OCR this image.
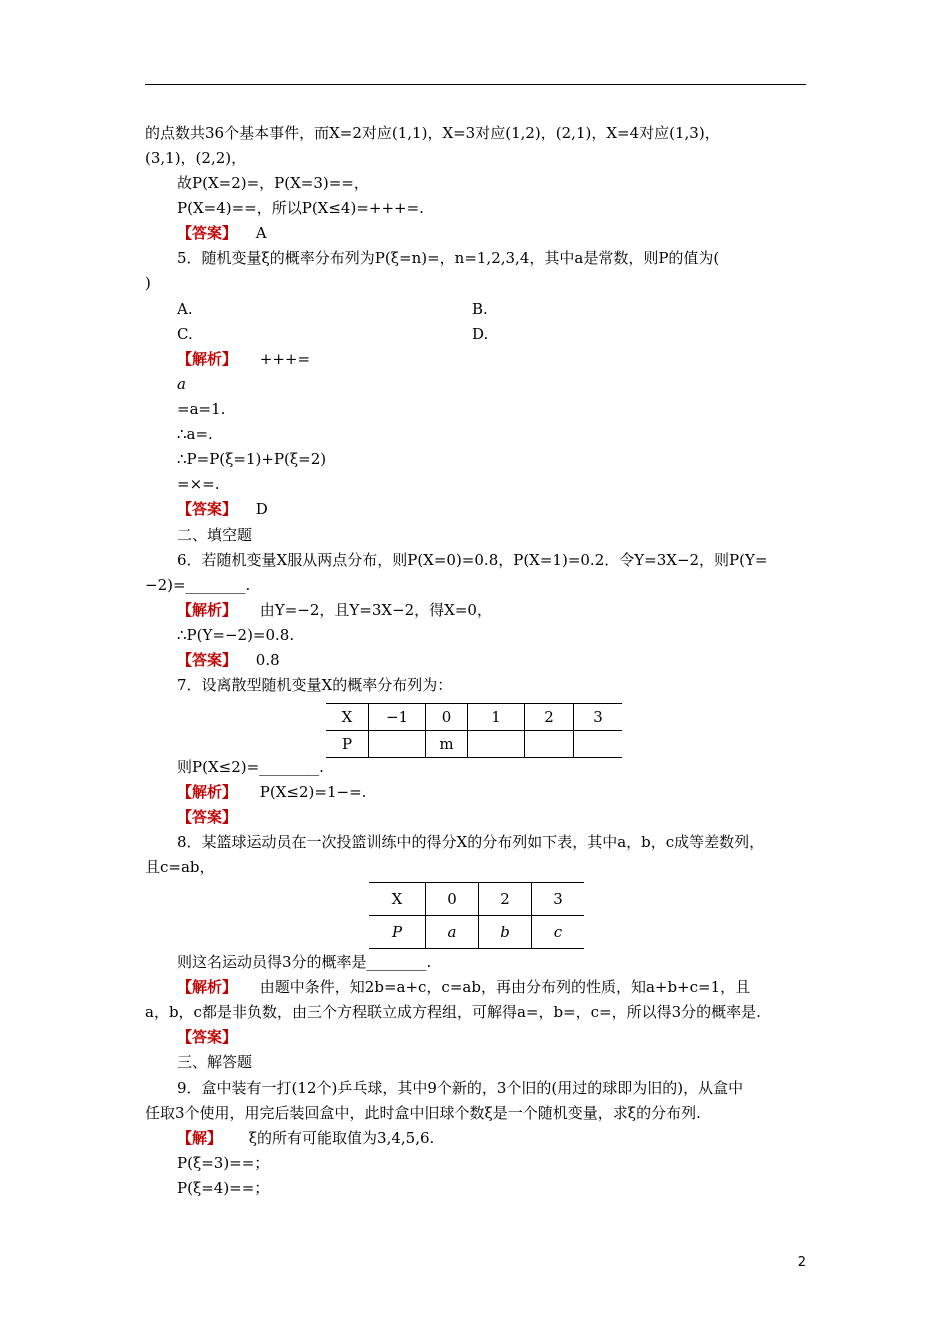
的点数共36个基本事件，而X=2对应(1,1)，X=3对应(1,2)，(2,1)，X=4对应(1,3)，
(3,1)，(2,2)，
故P(X=2)=，P(X=3)==，
P(X=4)==，所以P(X≤4)=+++=.
【答案】 A
5．随机变量ξ的概率分布列为P(ξ=n)=，n=1,2,3,4，其中a是常数，则P的值为(
)
A.	B.
C.	D.
【解析】 +++=
a
=a=1.
∴a=.
∴P=P(ξ=1)+P(ξ=2)
=×=.
【答案】 D
二、填空题
6．若随机变量X服从两点分布，则P(X=0)=0.8，P(X=1)=0.2．令Y=3X−2，则P(Y=
−2)=________.
【解析】 由Y=−2，且Y=3X−2，得X=0，
∴P(Y=−2)=0.8.
【答案】 0.8
7．设离散型随机变量X的概率分布列为：
X	−1	0	1	2	3
P		m			
则P(X≤2)=________.
【解析】 P(X≤2)=1−=.
【答案】
8．某篮球运动员在一次投篮训练中的得分X的分布列如下表，其中a，b，c成等差数列，
且c=ab，
X	0	2	3
P	a	b	c
则这名运动员得3分的概率是________.
【解析】 由题中条件，知2b=a+c，c=ab，再由分布列的性质，知a+b+c=1，且
a，b，c都是非负数，由三个方程联立成方程组，可解得a=，b=，c=，所以得3分的概率是.
【答案】
三、解答题
9．盒中装有一打(12个)乒乓球，其中9个新的，3个旧的(用过的球即为旧的)，从盒中
任取3个使用，用完后装回盒中，此时盒中旧球个数ξ是一个随机变量，求ξ的分布列.
【解】 ξ的所有可能取值为3,4,5,6.
P(ξ=3)==；
P(ξ=4)==；
2
